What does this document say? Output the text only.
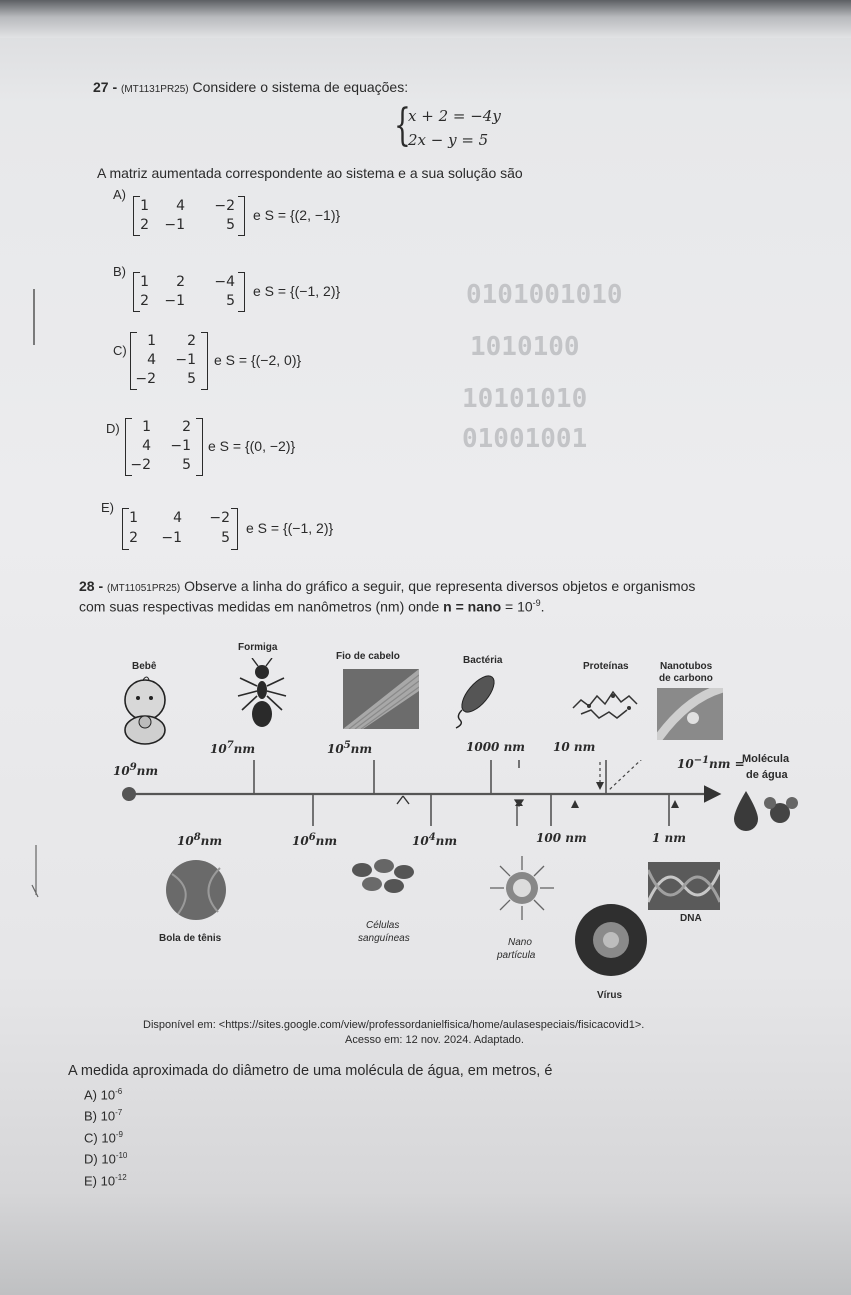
0101001010
1010100
10101010
01001001
27 - (MT1131PR25) Considere o sistema de equações:
{
x + 2 = −4y
2x − y = 5
A matriz aumentada correspondente ao sistema e a sua solução são
A)
1	4 −2
2 −1	5
e S = {(2, −1)}
B)
1	2 −4
2 −1	5
e S = {(−1, 2)}
C)
1	2
4 −1
−2	5
e S = {(−2, 0)}
D)	1	2
4 −1
−2	5
e S = {(0, −2)}
E)
1	4 −2
2 −1	5
e S = {(−1, 2)}
28 - (MT11051PR25) Observe a linha do gráfico a seguir, que representa diversos objetos e organismos
com suas respectivas medidas em nanômetros (nm) onde n = nano = $10^{-9}$.
Bebê
Formiga
Fio de cabelo	Bactéria
Proteínas	Nanotubos
de carbono
$10^9nm$
$10^7nm$	$10^5nm$	1000 nm 10 nm
$10^{-1}nm$ =
Molécula
de água
$10^8nm$	$10^6nm$	$10^4nm$	100 nm	1 nm
Bola de tênis
Células
sanguíneas	Nano
partícula
Vírus
DNA
Disponível em: <https://sites.google.com/view/professordanielfisica/home/aulasespeciais/fisicacovid1>.
Acesso em: 12 nov. 2024. Adaptado.
A medida aproximada do diâmetro de uma molécula de água, em metros, é
A) $10^{-6}$
B) $10^{-7}$
C) $10^{-9}$
D) $10^{-10}$
E) $10^{-12}$
